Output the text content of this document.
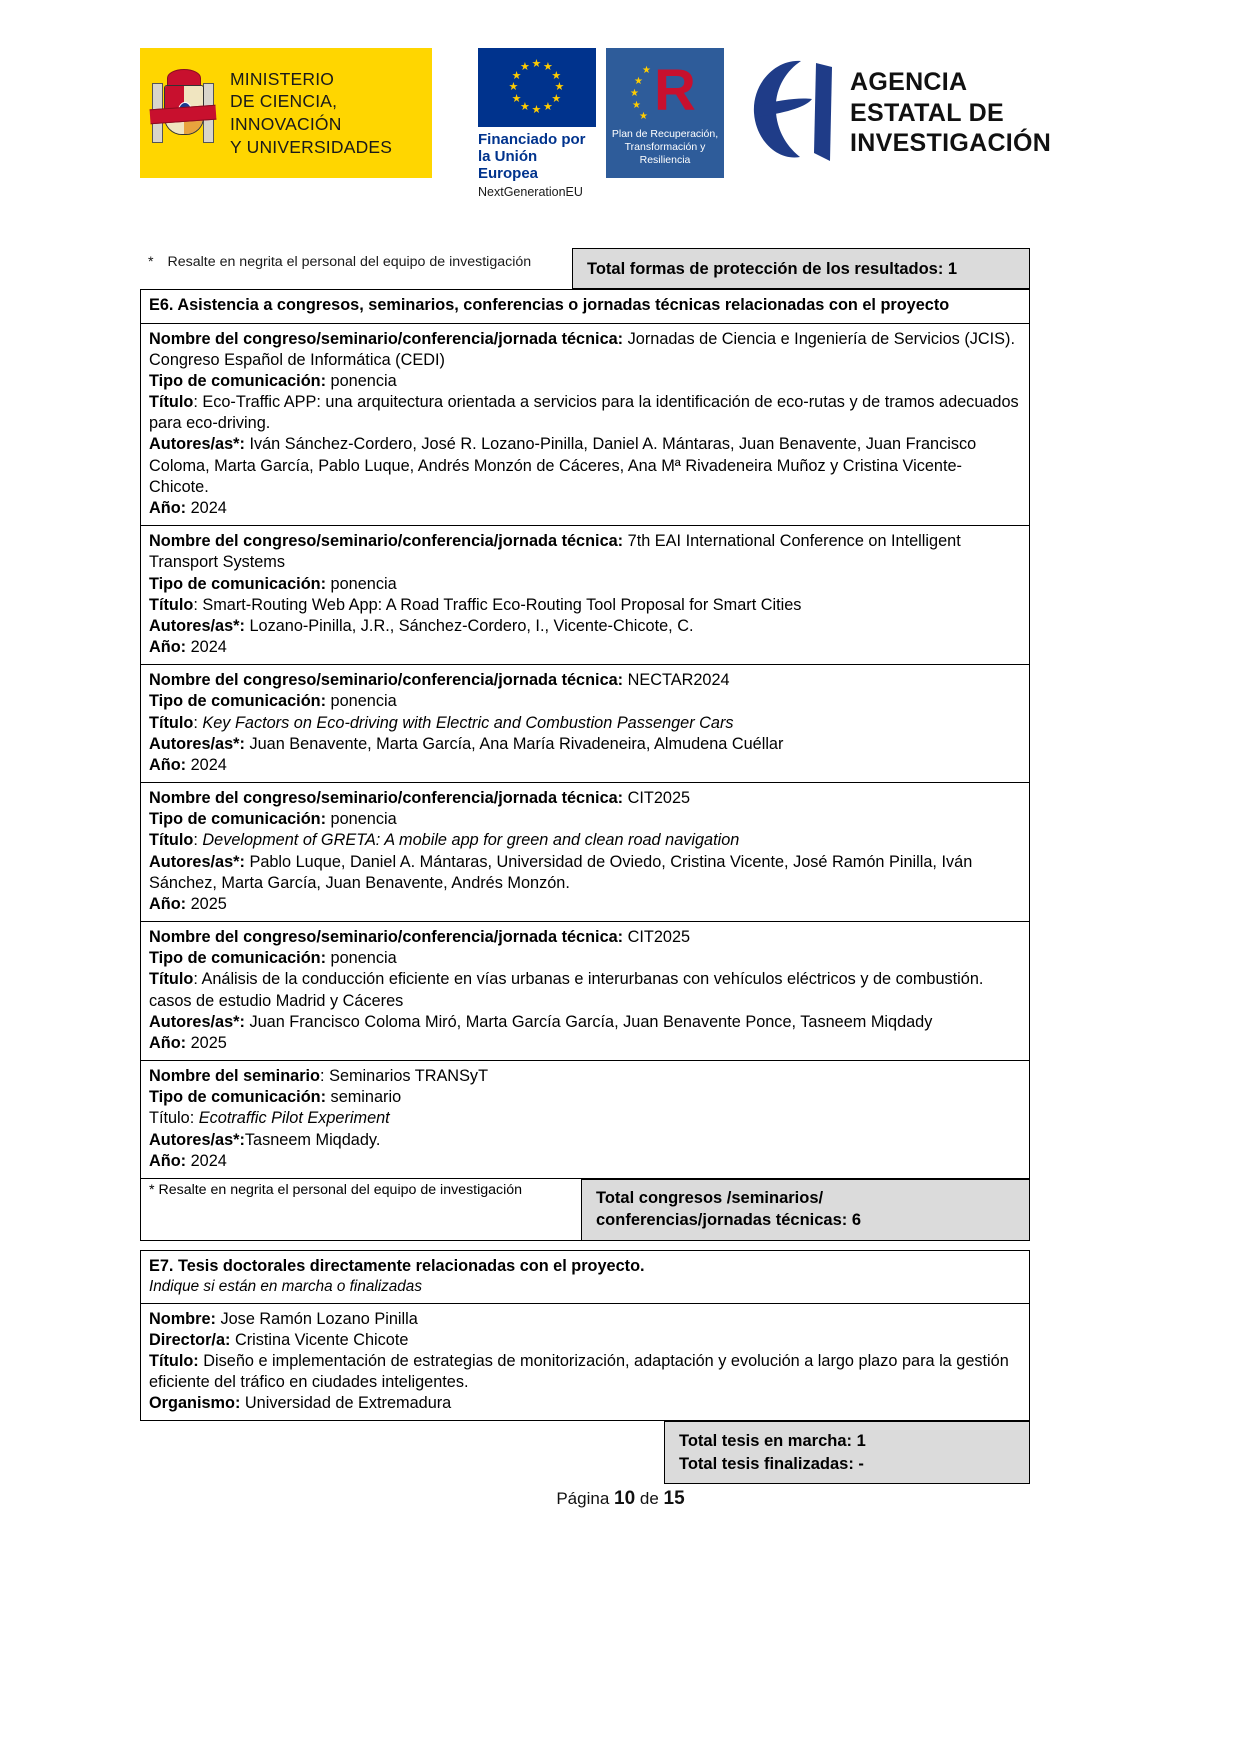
MINISTERIO
DE CIENCIA, INNOVACIÓN
Y UNIVERSIDADES
★ ★
★
★
★
★
★
★
★
★
★
★
Financiado por
la Unión Europea
NextGenerationEU
★
★
★
★
★ R
Plan de Recuperación,
Transformación y
Resiliencia
AGENCIA
ESTATAL DE
INVESTIGACIÓN
* Resalte en negrita el personal del equipo de investigación	Total formas de protección de los resultados: 1
E6. Asistencia a congresos, seminarios, conferencias o jornadas técnicas relacionadas con el proyecto

Nombre del congreso/seminario/conferencia/jornada técnica: Jornadas de Ciencia e Ingeniería de Servicios (JCIS). Congreso Español de Informática (CEDI)
Tipo de comunicación: ponencia
Título: Eco-Traffic APP: una arquitectura orientada a servicios para la identificación de eco-rutas y de tramos adecuados para eco-driving.
Autores/as*: Iván Sánchez-Cordero, José R. Lozano-Pinilla, Daniel A. Mántaras, Juan Benavente, Juan Francisco Coloma, Marta García, Pablo Luque, Andrés Monzón de Cáceres, Ana Mª Rivadeneira Muñoz y Cristina Vicente-Chicote.
Año: 2024

Nombre del congreso/seminario/conferencia/jornada técnica: 7th EAI International Conference on Intelligent Transport Systems
Tipo de comunicación: ponencia
Título: Smart-Routing Web App: A Road Traffic Eco-Routing Tool Proposal for Smart Cities
Autores/as*: Lozano-Pinilla, J.R., Sánchez-Cordero, I., Vicente-Chicote, C.
Año: 2024

Nombre del congreso/seminario/conferencia/jornada técnica: NECTAR2024
Tipo de comunicación: ponencia
Título: Key Factors on Eco-driving with Electric and Combustion Passenger Cars
Autores/as*: Juan Benavente, Marta García, Ana María Rivadeneira, Almudena Cuéllar
Año: 2024

Nombre del congreso/seminario/conferencia/jornada técnica: CIT2025
Tipo de comunicación: ponencia
Título: Development of GRETA: A mobile app for green and clean road navigation
Autores/as*: Pablo Luque, Daniel A. Mántaras, Universidad de Oviedo, Cristina Vicente, José Ramón Pinilla, Iván Sánchez, Marta García, Juan Benavente, Andrés Monzón.
Año: 2025

Nombre del congreso/seminario/conferencia/jornada técnica: CIT2025
Tipo de comunicación: ponencia
Título: Análisis de la conducción eficiente en vías urbanas e interurbanas con vehículos eléctricos y de combustión. casos de estudio Madrid y Cáceres
Autores/as*: Juan Francisco Coloma Miró, Marta García García, Juan Benavente Ponce, Tasneem Miqdady
Año: 2025

Nombre del seminario: Seminarios TRANSyT
Tipo de comunicación: seminario
Título: Ecotraffic Pilot Experiment
Autores/as*:Tasneem Miqdady.
Año: 2024
* Resalte en negrita el personal del equipo de investigación	Total congresos /seminarios/
conferencias/jornadas técnicas: 6
E7. Tesis doctorales directamente relacionadas con el proyecto.
Indique si están en marcha o finalizadas

Nombre: Jose Ramón Lozano Pinilla
Director/a: Cristina Vicente Chicote
Título: Diseño e implementación de estrategias de monitorización, adaptación y evolución a largo plazo para la gestión eficiente del tráfico en ciudades inteligentes.
Organismo: Universidad de Extremadura

Total tesis en marcha: 1
Total tesis finalizadas: -
Página 10 de 15
